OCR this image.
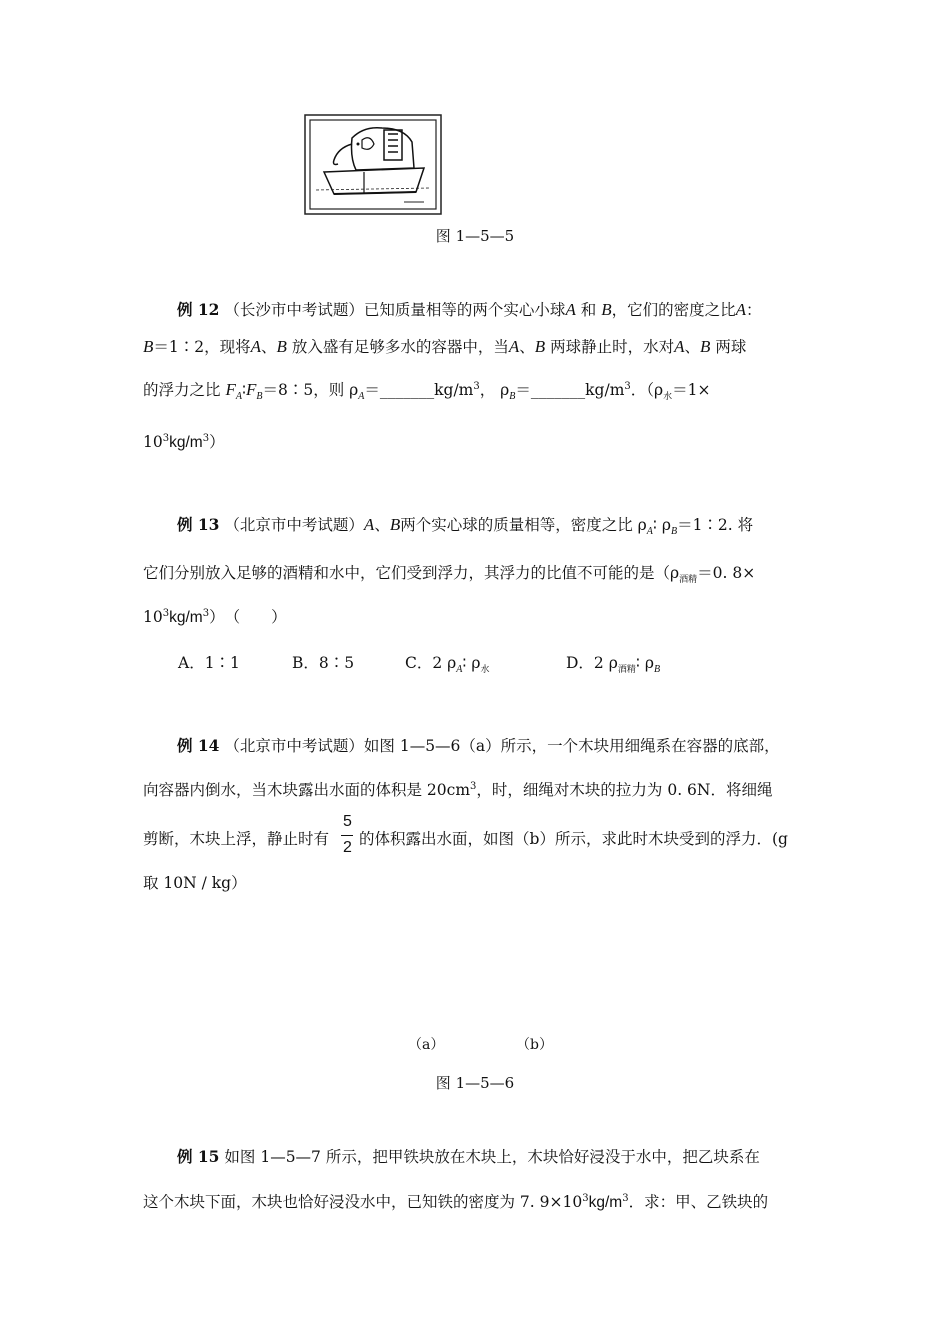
图 1—5—5
例 12 （长沙市中考试题）已知质量相等的两个实心小球A 和 B，它们的密度之比A：
B＝1∶2，现将A、B 放入盛有足够多水的容器中，当A、B 两球静止时，水对A、B 两球
的浮力之比 $F_A∶F_B=8∶5$，则 $\rho_A=\_\_\_\_\_\_\_kg/m^3$， $\rho_B=\_\_\_\_\_\_\_kg/m^3$．（$\rho_水=1\times$
$10^3kg/m^3$）
例 13 （北京市中考试题）A、B两个实心球的质量相等，密度之比 $\rho_A∶$ $\rho_B=1∶2$. 将
它们分别放入足够的酒精和水中，它们受到浮力，其浮力的比值不可能的是（$\rho_{酒精}=0$. 8×
$10^3kg/m^3$）　（　　）
A．1∶1	B．8∶5	C．2 $\rho_A∶$ $\rho_水$	D．2 $\rho_{酒精}∶$ $\rho_B$
例 14 （北京市中考试题）如图 1—5—6（a）所示，一个木块用细绳系在容器的底部，
向容器内倒水，当木块露出水面的体积是 $20cm^3$，时，细绳对木块的拉力为 0. 6N．将细绳
剪断，木块上浮，静止时有 的体积露出水面，如图（b）所示，求此时木块受到的浮力．(g
取 10N / kg）
5
2
（a）	（b）
图 1—5—6
例 15 如图 1—5—7 所示，把甲铁块放在木块上，木块恰好浸没于水中，把乙块系在
这个木块下面，木块也恰好浸没水中，已知铁的密度为 7. $9\times 10^3kg/m^3$．求：甲、乙铁块的
